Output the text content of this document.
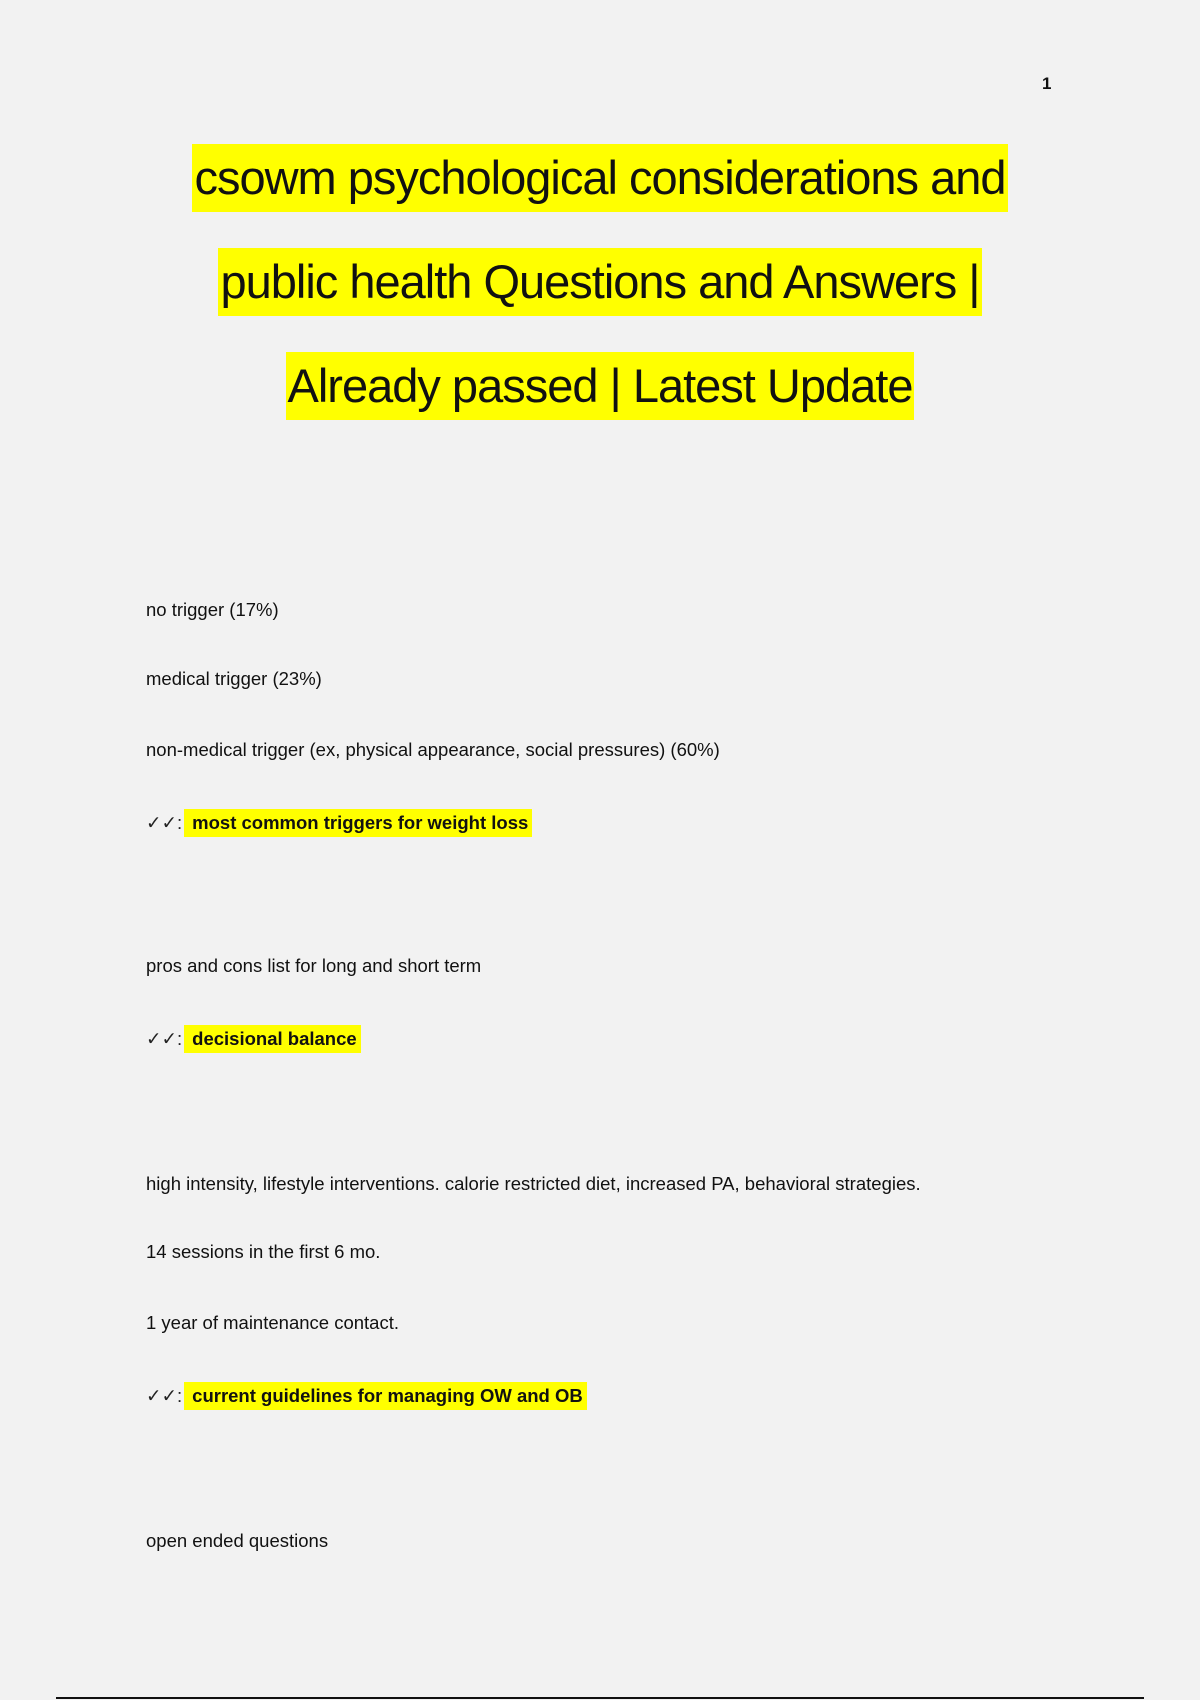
1
csowm psychological considerations and
public health Questions and Answers |
Already passed | Latest Update
no trigger (17%)
medical trigger (23%)
non-medical trigger (ex, physical appearance, social pressures) (60%)
✓✓: most common triggers for weight loss
pros and cons list for long and short term
✓✓: decisional balance
high intensity, lifestyle interventions. calorie restricted diet, increased PA, behavioral strategies.
14 sessions in the first 6 mo.
1 year of maintenance contact.
✓✓: current guidelines for managing OW and OB
open ended questions
